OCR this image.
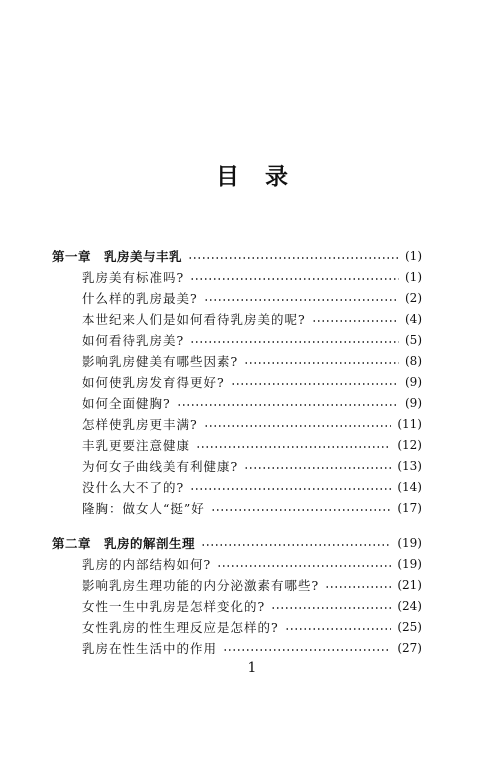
目录
第一章　乳房美与丰乳	(1)
乳房美有标准吗?	(1)
什么样的乳房最美?	(2)
本世纪来人们是如何看待乳房美的呢?	(4)
如何看待乳房美?	(5)
影响乳房健美有哪些因素?	(8)
如何使乳房发育得更好?	(9)
如何全面健胸?	(9)
怎样使乳房更丰满?	(11)
丰乳更要注意健康	(12)
为何女子曲线美有利健康?	(13)
没什么大不了的?	(14)
隆胸：做女人“挺”好	(17)
第二章　乳房的解剖生理	(19)
乳房的内部结构如何?	(19)
影响乳房生理功能的内分泌激素有哪些?	(21)
女性一生中乳房是怎样变化的?	(24)
女性乳房的性生理反应是怎样的?	(25)
乳房在性生活中的作用	(27)
1
